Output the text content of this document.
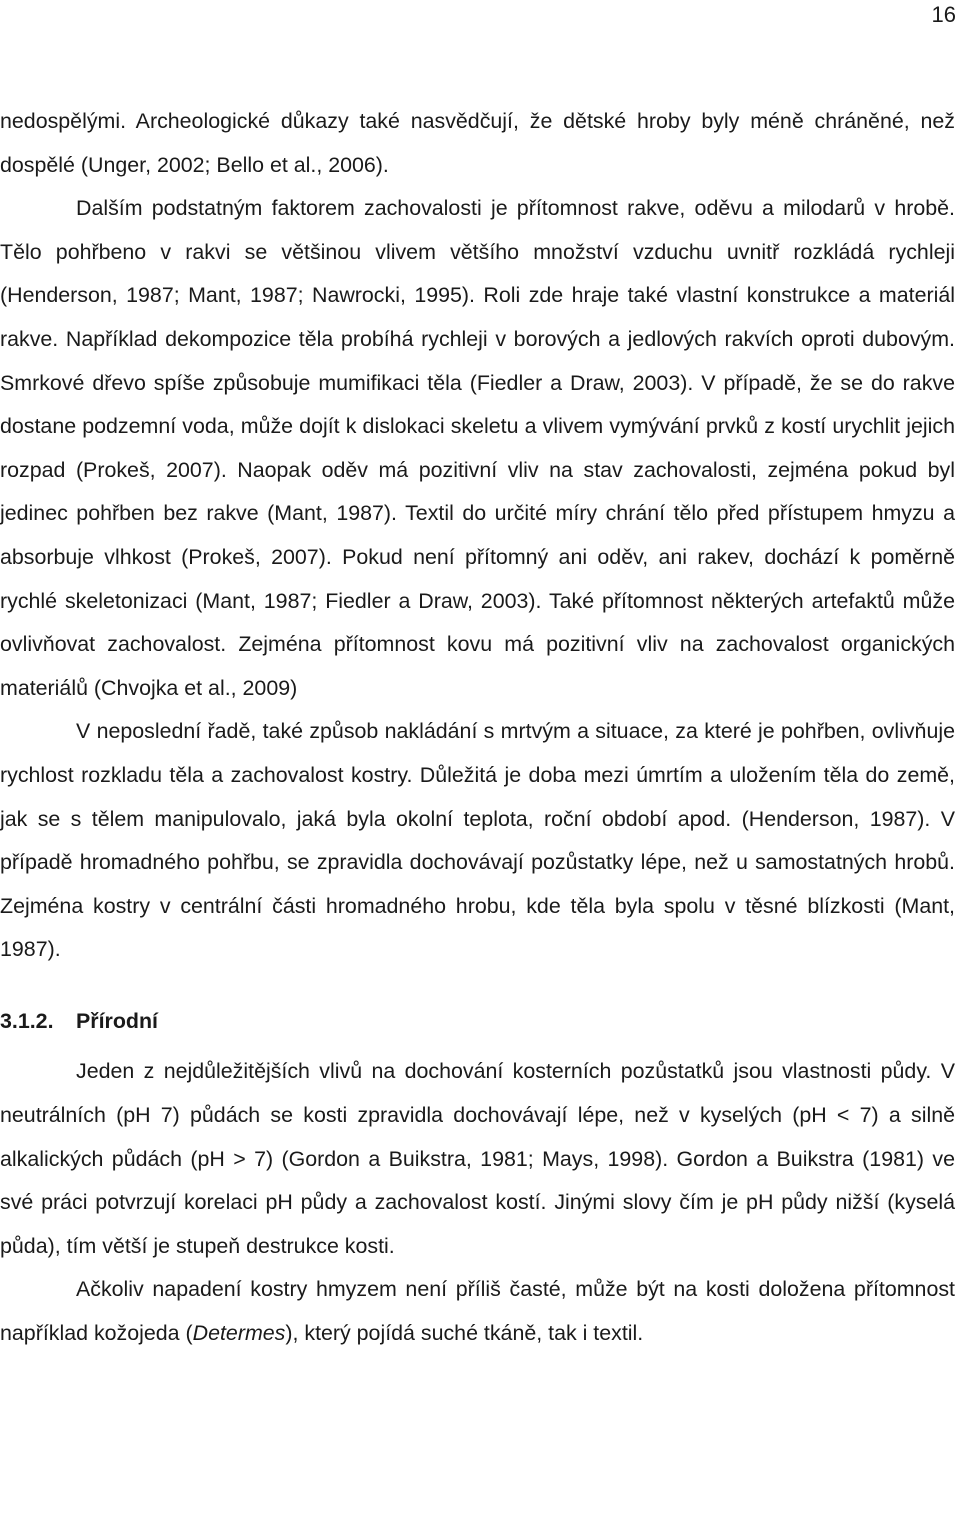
16

nedospělými. Archeologické důkazy také nasvědčují, že dětské hroby byly méně chráněné, než dospělé (Unger, 2002; Bello et al., 2006).

Dalším podstatným faktorem zachovalosti je přítomnost rakve, oděvu a milodarů v hrobě. Tělo pohřbeno v rakvi se většinou vlivem většího množství vzduchu uvnitř rozkládá rychleji (Henderson, 1987; Mant, 1987; Nawrocki, 1995). Roli zde hraje také vlastní konstrukce a materiál rakve. Například dekompozice těla probíhá rychleji v borových a jedlových rakvích oproti dubovým. Smrkové dřevo spíše způsobuje mumifikaci těla (Fiedler a Draw, 2003). V případě, že se do rakve dostane podzemní voda, může dojít k dislokaci skeletu a vlivem vymývání prvků z kostí urychlit jejich rozpad (Prokeš, 2007). Naopak oděv má pozitivní vliv na stav zachovalosti, zejména pokud byl jedinec pohřben bez rakve (Mant, 1987). Textil do určité míry chrání tělo před přístupem hmyzu a absorbuje vlhkost (Prokeš, 2007). Pokud není přítomný ani oděv, ani rakev, dochází k poměrně rychlé skeletonizaci (Mant, 1987; Fiedler a Draw, 2003). Také přítomnost některých artefaktů může ovlivňovat zachovalost. Zejména přítomnost kovu má pozitivní vliv na zachovalost organických materiálů (Chvojka et al., 2009)

V neposlední řadě, také způsob nakládání s mrtvým a situace, za které je pohřben, ovlivňuje rychlost rozkladu těla a zachovalost kostry. Důležitá je doba mezi úmrtím a uložením těla do země, jak se s tělem manipulovalo, jaká byla okolní teplota, roční období apod. (Henderson, 1987). V případě hromadného pohřbu, se zpravidla dochovávají pozůstatky lépe, než u samostatných hrobů. Zejména kostry v centrální části hromadného hrobu, kde těla byla spolu v těsné blízkosti (Mant, 1987).

3.1.2. Přírodní

Jeden z nejdůležitějších vlivů na dochování kosterních pozůstatků jsou vlastnosti půdy. V neutrálních (pH 7) půdách se kosti zpravidla dochovávají lépe, než v kyselých (pH < 7) a silně alkalických půdách (pH > 7) (Gordon a Buikstra, 1981; Mays, 1998). Gordon a Buikstra (1981) ve své práci potvrzují korelaci pH půdy a zachovalost kostí. Jinými slovy čím je pH půdy nižší (kyselá půda), tím větší je stupeň destrukce kosti.

Ačkoliv napadení kostry hmyzem není příliš časté, může být na kosti doložena přítomnost například kožojeda (Determes), který pojídá suché tkáně, tak i textil.
